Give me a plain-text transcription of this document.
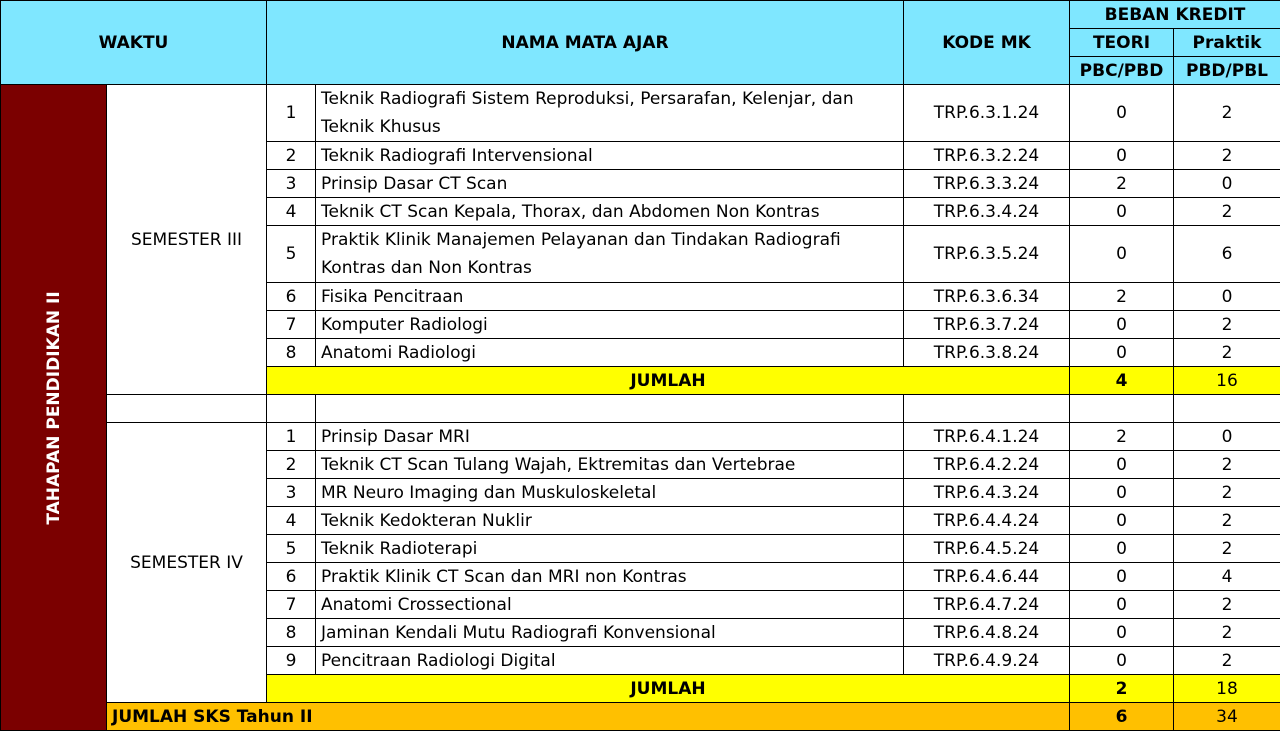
WAKTU		NAMA MATA AJAR		KODE MK	BEBAN KREDIT	
					TEORI	Praktik
					PBC/PBD	PBD/PBL

TAHAPAN PENDIDIKAN II	SEMESTER III	1	Teknik Radiografi Sistem Reproduksi, Persarafan, Kelenjar, dan Teknik Khusus	TRP.6.3.1.24	0	2
		2	Teknik Radiografi Intervensional	TRP.6.3.2.24	0	2
		3	Prinsip Dasar CT Scan	TRP.6.3.3.24	2	0
		4	Teknik CT Scan Kepala, Thorax, dan Abdomen Non Kontras	TRP.6.3.4.24	0	2
		5	Praktik Klinik Manajemen Pelayanan dan Tindakan Radiografi Kontras dan Non Kontras	TRP.6.3.5.24	0	6
		6	Fisika Pencitraan	TRP.6.3.6.34	2	0
		7	Komputer Radiologi	TRP.6.3.7.24	0	2
		8	Anatomi Radiologi	TRP.6.3.8.24	0	2
		JUMLAH			4	16

	SEMESTER IV	1	Prinsip Dasar MRI	TRP.6.4.1.24	2	0
		2	Teknik CT Scan Tulang Wajah, Ektremitas dan Vertebrae	TRP.6.4.2.24	0	2
		3	MR Neuro Imaging dan Muskuloskeletal	TRP.6.4.3.24	0	2
		4	Teknik Kedokteran Nuklir	TRP.6.4.4.24	0	2
		5	Teknik Radioterapi	TRP.6.4.5.24	0	2
		6	Praktik Klinik CT Scan dan MRI non Kontras	TRP.6.4.6.44	0	4
		7	Anatomi Crossectional	TRP.6.4.7.24	0	2
		8	Jaminan Kendali Mutu Radiografi Konvensional	TRP.6.4.8.24	0	2
		9	Pencitraan Radiologi Digital	TRP.6.4.9.24	0	2
		JUMLAH			2	18
	JUMLAH SKS Tahun II				6	34
